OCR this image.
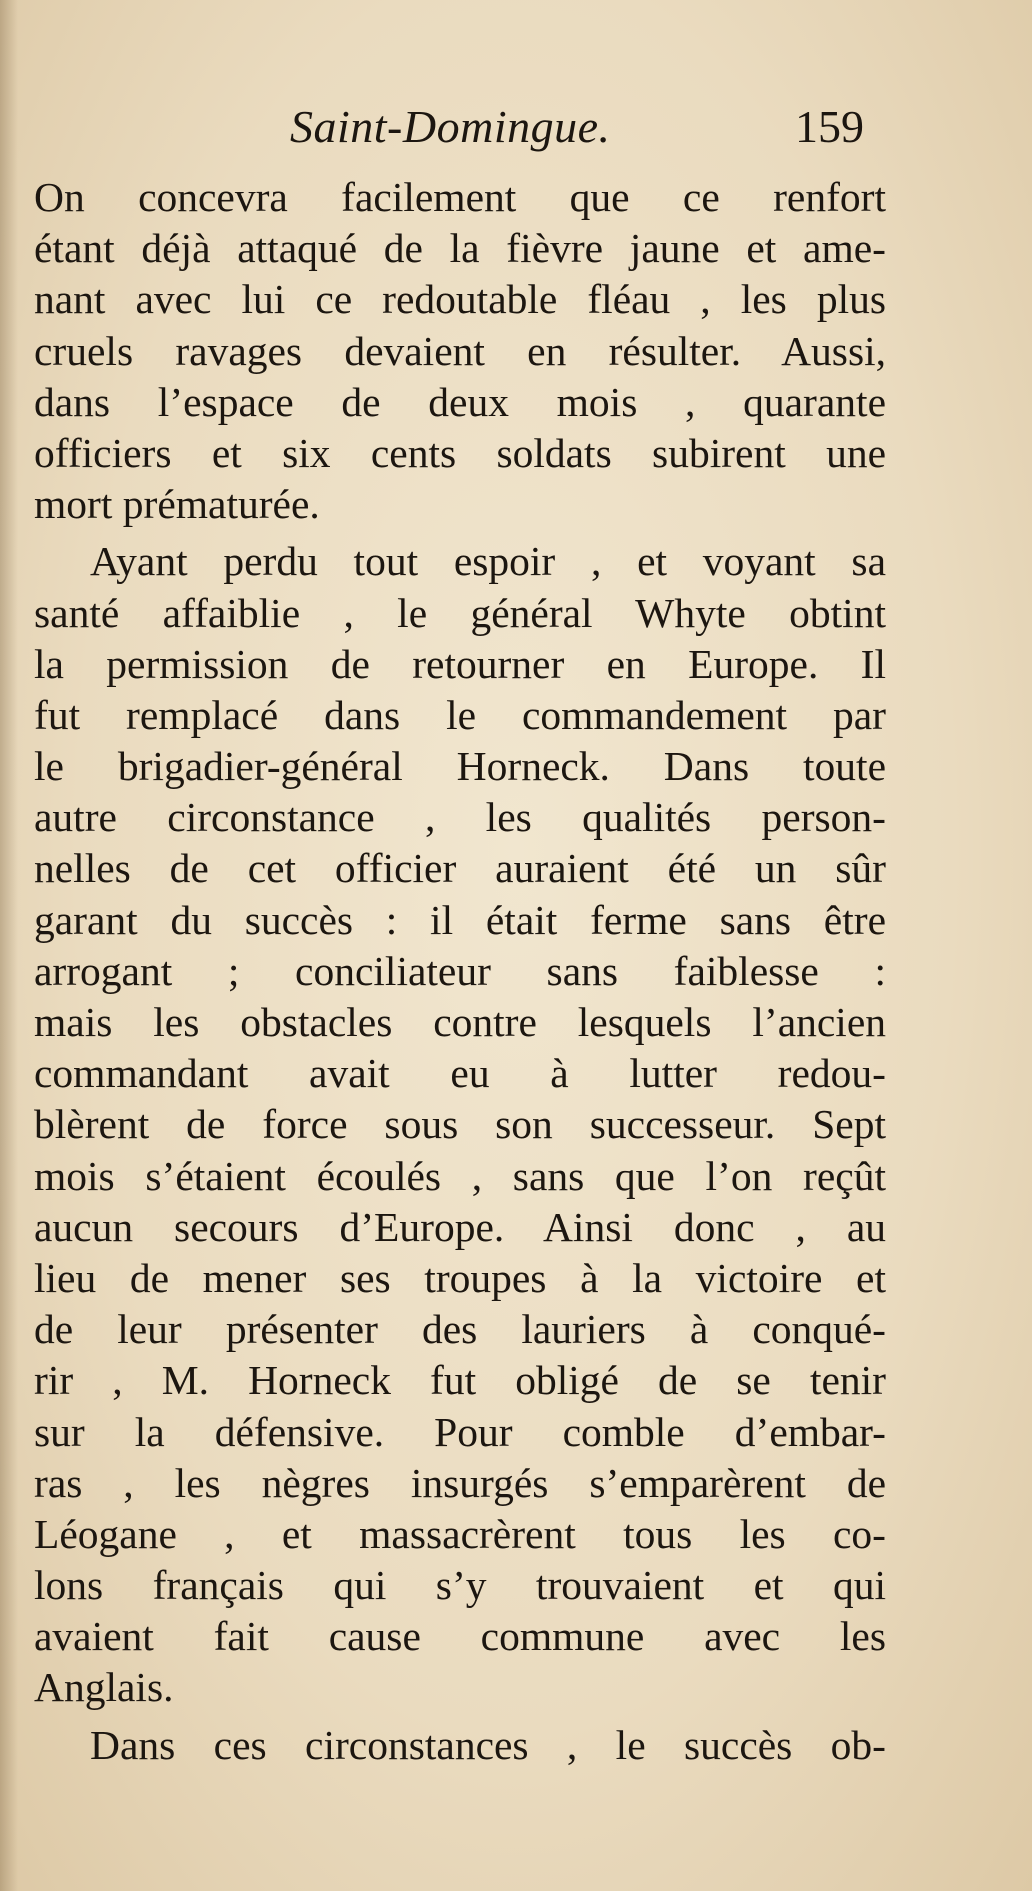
Saint-Domingue.	159
On concevra facilement que ce renfort
étant déjà attaqué de la fièvre jaune et ame-
nant avec lui ce redoutable fléau , les plus
cruels ravages devaient en résulter. Aussi,
dans l’espace de deux mois , quarante
officiers et six cents soldats subirent une
mort prématurée.
Ayant perdu tout espoir , et voyant sa
santé affaiblie , le général Whyte obtint
la permission de retourner en Europe. Il
fut remplacé dans le commandement par
le brigadier-général Horneck. Dans toute
autre circonstance , les qualités person-
nelles de cet officier auraient été un sûr
garant du succès : il était ferme sans être
arrogant ; conciliateur sans faiblesse :
mais les obstacles contre lesquels l’ancien
commandant avait eu à lutter redou-
blèrent de force sous son successeur. Sept
mois s’étaient écoulés , sans que l’on reçût
aucun secours d’Europe. Ainsi donc , au
lieu de mener ses troupes à la victoire et
de leur présenter des lauriers à conqué-
rir , M. Horneck fut obligé de se tenir
sur la défensive. Pour comble d’embar-
ras , les nègres insurgés s’emparèrent de
Léogane , et massacrèrent tous les co-
lons français qui s’y trouvaient et qui
avaient fait cause commune avec les
Anglais.
Dans ces circonstances , le succès ob-
